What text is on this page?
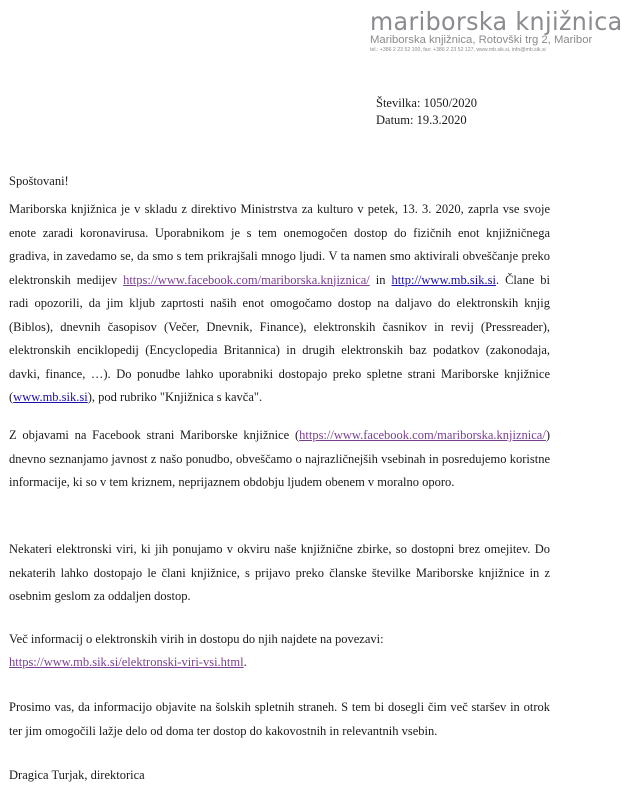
mariborska knjižnica
Mariborska knjižnica, Rotovški trg 2, Maribor
tel.: +386 2 23 52 100, fax: +386 2 23 52 127, www.mb.sik.si, info@mb.sik.si
Številka: 1050/2020
Datum: 19.3.2020
Spoštovani!
Mariborska knjižnica je v skladu z direktivo Ministrstva za kulturo v petek, 13. 3. 2020, zaprla vse svoje enote zaradi koronavirusa. Uporabnikom je s tem onemogočen dostop do fizičnih enot knjižničnega gradiva, in zavedamo se, da smo s tem prikrajšali mnogo ljudi. V ta namen smo aktivirali obveščanje preko elektronskih medijev https://www.facebook.com/mariborska.knjiznica/ in http://www.mb.sik.si. Člane bi radi opozorili, da jim kljub zaprtosti naših enot omogočamo dostop na daljavo do elektronskih knjig (Biblos), dnevnih časopisov (Večer, Dnevnik, Finance), elektronskih časnikov in revij (Pressreader), elektronskih enciklopedij (Encyclopedia Britannica) in drugih elektronskih baz podatkov (zakonodaja, davki, finance, …). Do ponudbe lahko uporabniki dostopajo preko spletne strani Mariborske knjižnice (www.mb.sik.si), pod rubriko "Knjižnica s kavča".
Z objavami na Facebook strani Mariborske knjižnice (https://www.facebook.com/mariborska.knjiznica/) dnevno seznanjamo javnost z našo ponudbo, obveščamo o najrazličnejših vsebinah in posredujemo koristne informacije, ki so v tem kriznem, neprijaznem obdobju ljudem obenem v moralno oporo.
Nekateri elektronski viri, ki jih ponujamo v okviru naše knjižnične zbirke, so dostopni brez omejitev. Do nekaterih lahko dostopajo le člani knjižnice, s prijavo preko članske številke Mariborske knjižnice in z osebnim geslom za oddaljen dostop.
Več informacij o elektronskih virih in dostopu do njih najdete na povezavi:
https://www.mb.sik.si/elektronski-viri-vsi.html.
Prosimo vas, da informacijo objavite na šolskih spletnih straneh. S tem bi dosegli čim več staršev in otrok ter jim omogočili lažje delo od doma ter dostop do kakovostnih in relevantnih vsebin.
Dragica Turjak, direktorica
